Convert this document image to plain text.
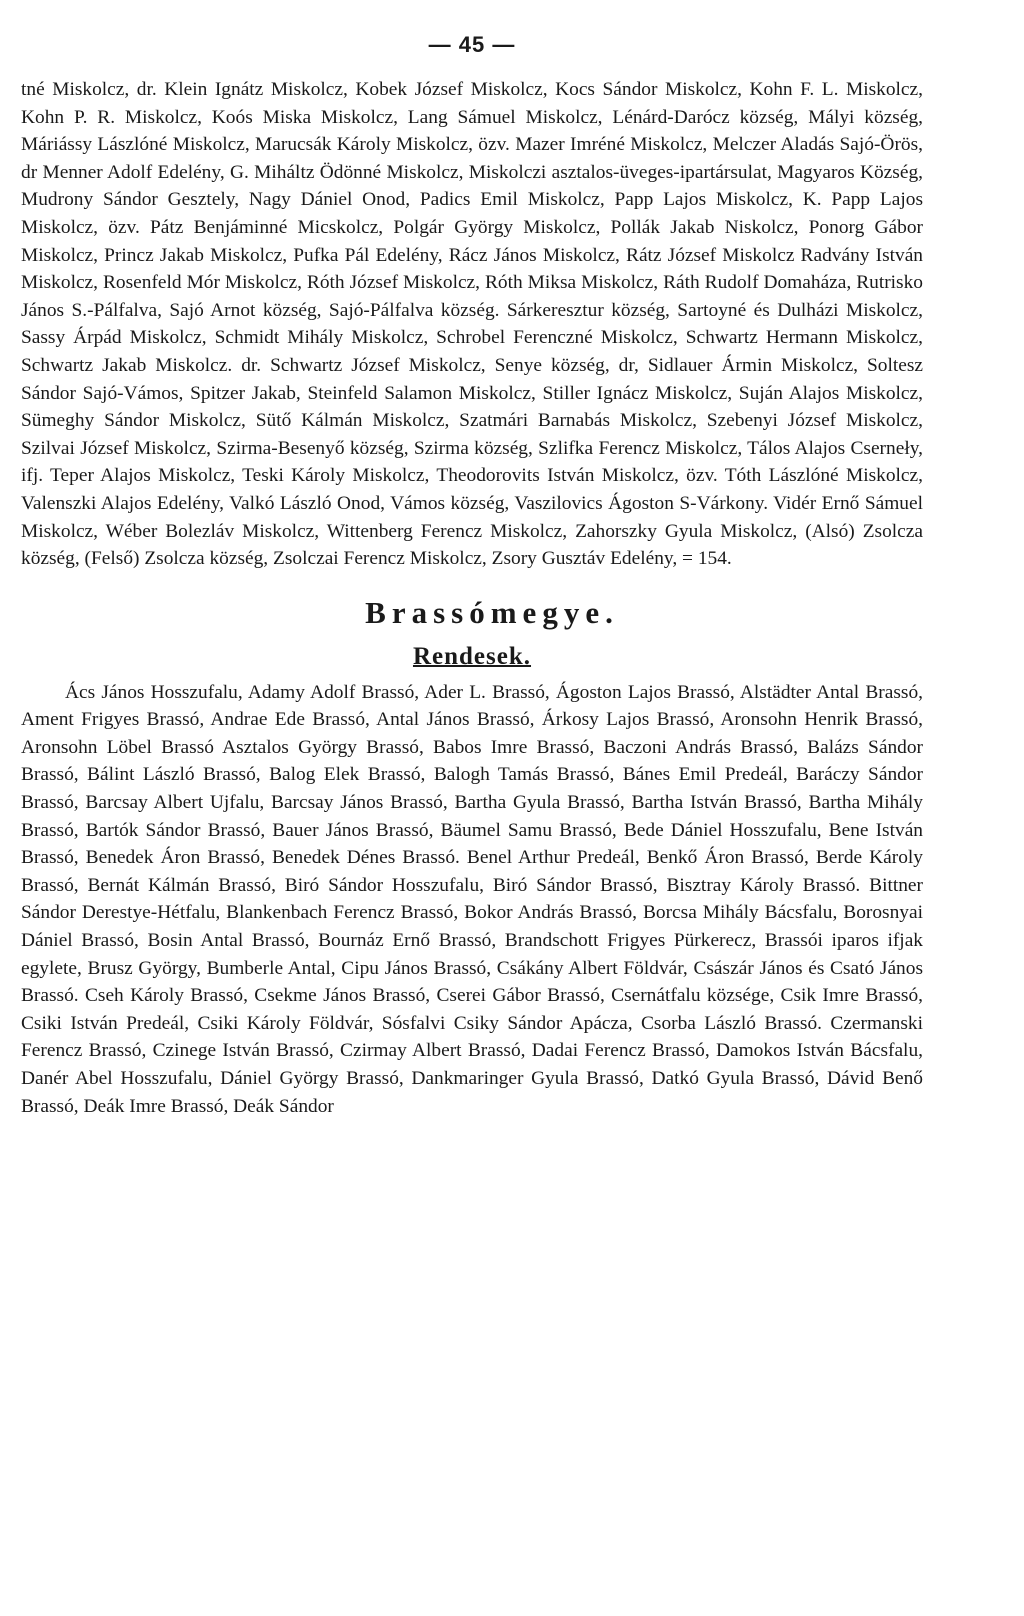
— 45 —

tné Miskolcz, dr. Klein Ignátz Miskolcz, Kobek József Miskolcz, Kocs Sándor Miskolcz, Kohn F. L. Miskolcz, Kohn P. R. Miskolcz, Koós Miska Miskolcz, Lang Sámuel Miskolcz, Lénárd-Darócz község, Mályi község, Máriássy Lászlóné Miskolcz, Marucsák Károly Miskolcz, özv. Mazer Imréné Miskolcz, Melczer Aladás Sajó-Örös, dr Menner Adolf Edelény, G. Miháltz Ödönné Miskolcz, Miskolczi asztalos-üveges-ipartársulat, Magyaros Község, Mudrony Sándor Gesztely, Nagy Dániel Onod, Padics Emil Miskolcz, Papp Lajos Miskolcz, K. Papp Lajos Miskolcz, özv. Pátz Benjáminné Micskolcz, Polgár György Miskolcz, Pollák Jakab Niskolcz, Ponorg Gábor Miskolcz, Princz Jakab Miskolcz, Pufka Pál Edelény, Rácz János Miskolcz, Rátz József Miskolcz Radvány István Miskolcz, Rosenfeld Mór Miskolcz, Róth József Miskolcz, Róth Miksa Miskolcz, Ráth Rudolf Domaháza, Rutrisko János S.-Pálfalva, Sajó Arnot község, Sajó-Pálfalva község. Sárkeresztur község, Sartoyné és Dulházi Miskolcz, Sassy Árpád Miskolcz, Schmidt Mihály Miskolcz, Schrobel Ferenczné Miskolcz, Schwartz Hermann Miskolcz, Schwartz Jakab Miskolcz. dr. Schwartz József Miskolcz, Senye község, dr, Sidlauer Ármin Miskolcz, Soltesz Sándor Sajó-Vámos, Spitzer Jakab, Steinfeld Salamon Miskolcz, Stiller Ignácz Miskolcz, Suján Alajos Miskolcz, Sümeghy Sándor Miskolcz, Sütő Kálmán Miskolcz, Szatmári Barnabás Miskolcz, Szebenyi József Miskolcz, Szilvai József Miskolcz, Szirma-Besenyő község, Szirma község, Szlifka Ferencz Miskolcz, Tálos Alajos Cserneły, ifj. Teper Alajos Miskolcz, Teski Károly Miskolcz, Theodorovits István Miskolcz, özv. Tóth Lászlóné Miskolcz, Valenszki Alajos Edelény, Valkó László Onod, Vámos község, Vaszilovics Ágoston S-Várkony. Vidér Ernő Sámuel Miskolcz, Wéber Bolezláv Miskolcz, Wittenberg Ferencz Miskolcz, Zahorszky Gyula Miskolcz, (Alsó) Zsolcza község, (Felső) Zsolcza község, Zsolczai Ferencz Miskolcz, Zsory Gusztáv Edelény, = 154.

Brassómegye.
Rendesek.

Ács János Hosszufalu, Adamy Adolf Brassó, Ader L. Brassó, Ágoston Lajos Brassó, Alstädter Antal Brassó, Ament Frigyes Brassó, Andrae Ede Brassó, Antal János Brassó, Árkosy Lajos Brassó, Aronsohn Henrik Brassó, Aronsohn Löbel Brassó Asztalos György Brassó, Babos Imre Brassó, Baczoni András Brassó, Balázs Sándor Brassó, Bálint László Brassó, Balog Elek Brassó, Balogh Tamás Brassó, Bánes Emil Predeál, Baráczy Sándor Brassó, Barcsay Albert Ujfalu, Barcsay János Brassó, Bartha Gyula Brassó, Bartha István Brassó, Bartha Mihály Brassó, Bartók Sándor Brassó, Bauer János Brassó, Bäumel Samu Brassó, Bede Dániel Hosszufalu, Bene István Brassó, Benedek Áron Brassó, Benedek Dénes Brassó. Benel Arthur Predeál, Benkő Áron Brassó, Berde Károly Brassó, Bernát Kálmán Brassó, Biró Sándor Hosszufalu, Biró Sándor Brassó, Bisztray Károly Brassó. Bittner Sándor Derestye-Hétfalu, Blankenbach Ferencz Brassó, Bokor András Brassó, Borcsa Mihály Bácsfalu, Borosnyai Dániel Brassó, Bosin Antal Brassó, Bournáz Ernő Brassó, Brandschott Frigyes Pürkerecz, Brassói iparos ifjak egylete, Brusz György, Bumberle Antal, Cipu János Brassó, Csákány Albert Földvár, Császár János és Csató János Brassó. Cseh Károly Brassó, Csekme János Brassó, Cserei Gábor Brassó, Csernátfalu községe, Csik Imre Brassó, Csiki István Predeál, Csiki Károly Földvár, Sósfalvi Csiky Sándor Apácza, Csorba László Brassó. Czermanski Ferencz Brassó, Czinege István Brassó, Czirmay Albert Brassó, Dadai Ferencz Brassó, Damokos István Bácsfalu, Danér Abel Hosszufalu, Dániel György Brassó, Dankmaringer Gyula Brassó, Datkó Gyula Brassó, Dávid Benő Brassó, Deák Imre Brassó, Deák Sándor
